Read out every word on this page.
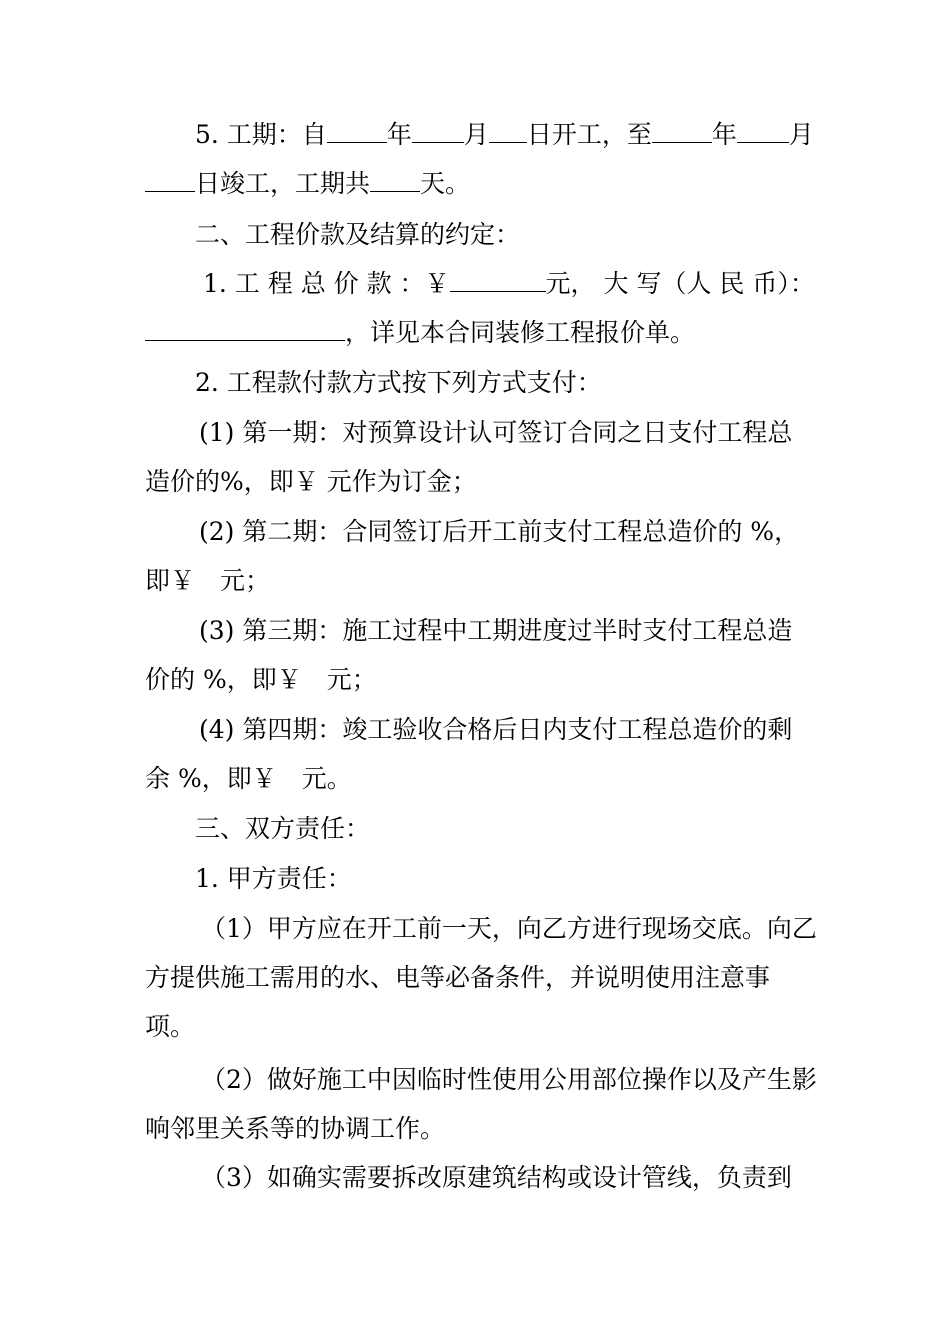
5. 工期：自 年 月 日开工，至 年 月日竣工，工期共 天。

二、工程价款及结算的约定：

1. 工 程 总 价 款 ：￥	元， 大 写（人 民 币）：，详见本合同装修工程报价单。

2. 工程款付款方式按下列方式支付：

(1) 第一期：对预算设计认可签订合同之日支付工程总造价的%，即￥ 元作为订金；

(2) 第二期：合同签订后开工前支付工程总造价的 %，即￥　元；

(3) 第三期：施工过程中工期进度过半时支付工程总造价的 %，即￥　元；

(4) 第四期：竣工验收合格后日内支付工程总造价的剩余 %，即￥　元。

三、双方责任：

1. 甲方责任：

（1）甲方应在开工前一天，向乙方进行现场交底。向乙方提供施工需用的水、电等必备条件，并说明使用注意事项。

（2）做好施工中因临时性使用公用部位操作以及产生影响邻里关系等的协调工作。

（3）如确实需要拆改原建筑结构或设计管线，负责到
